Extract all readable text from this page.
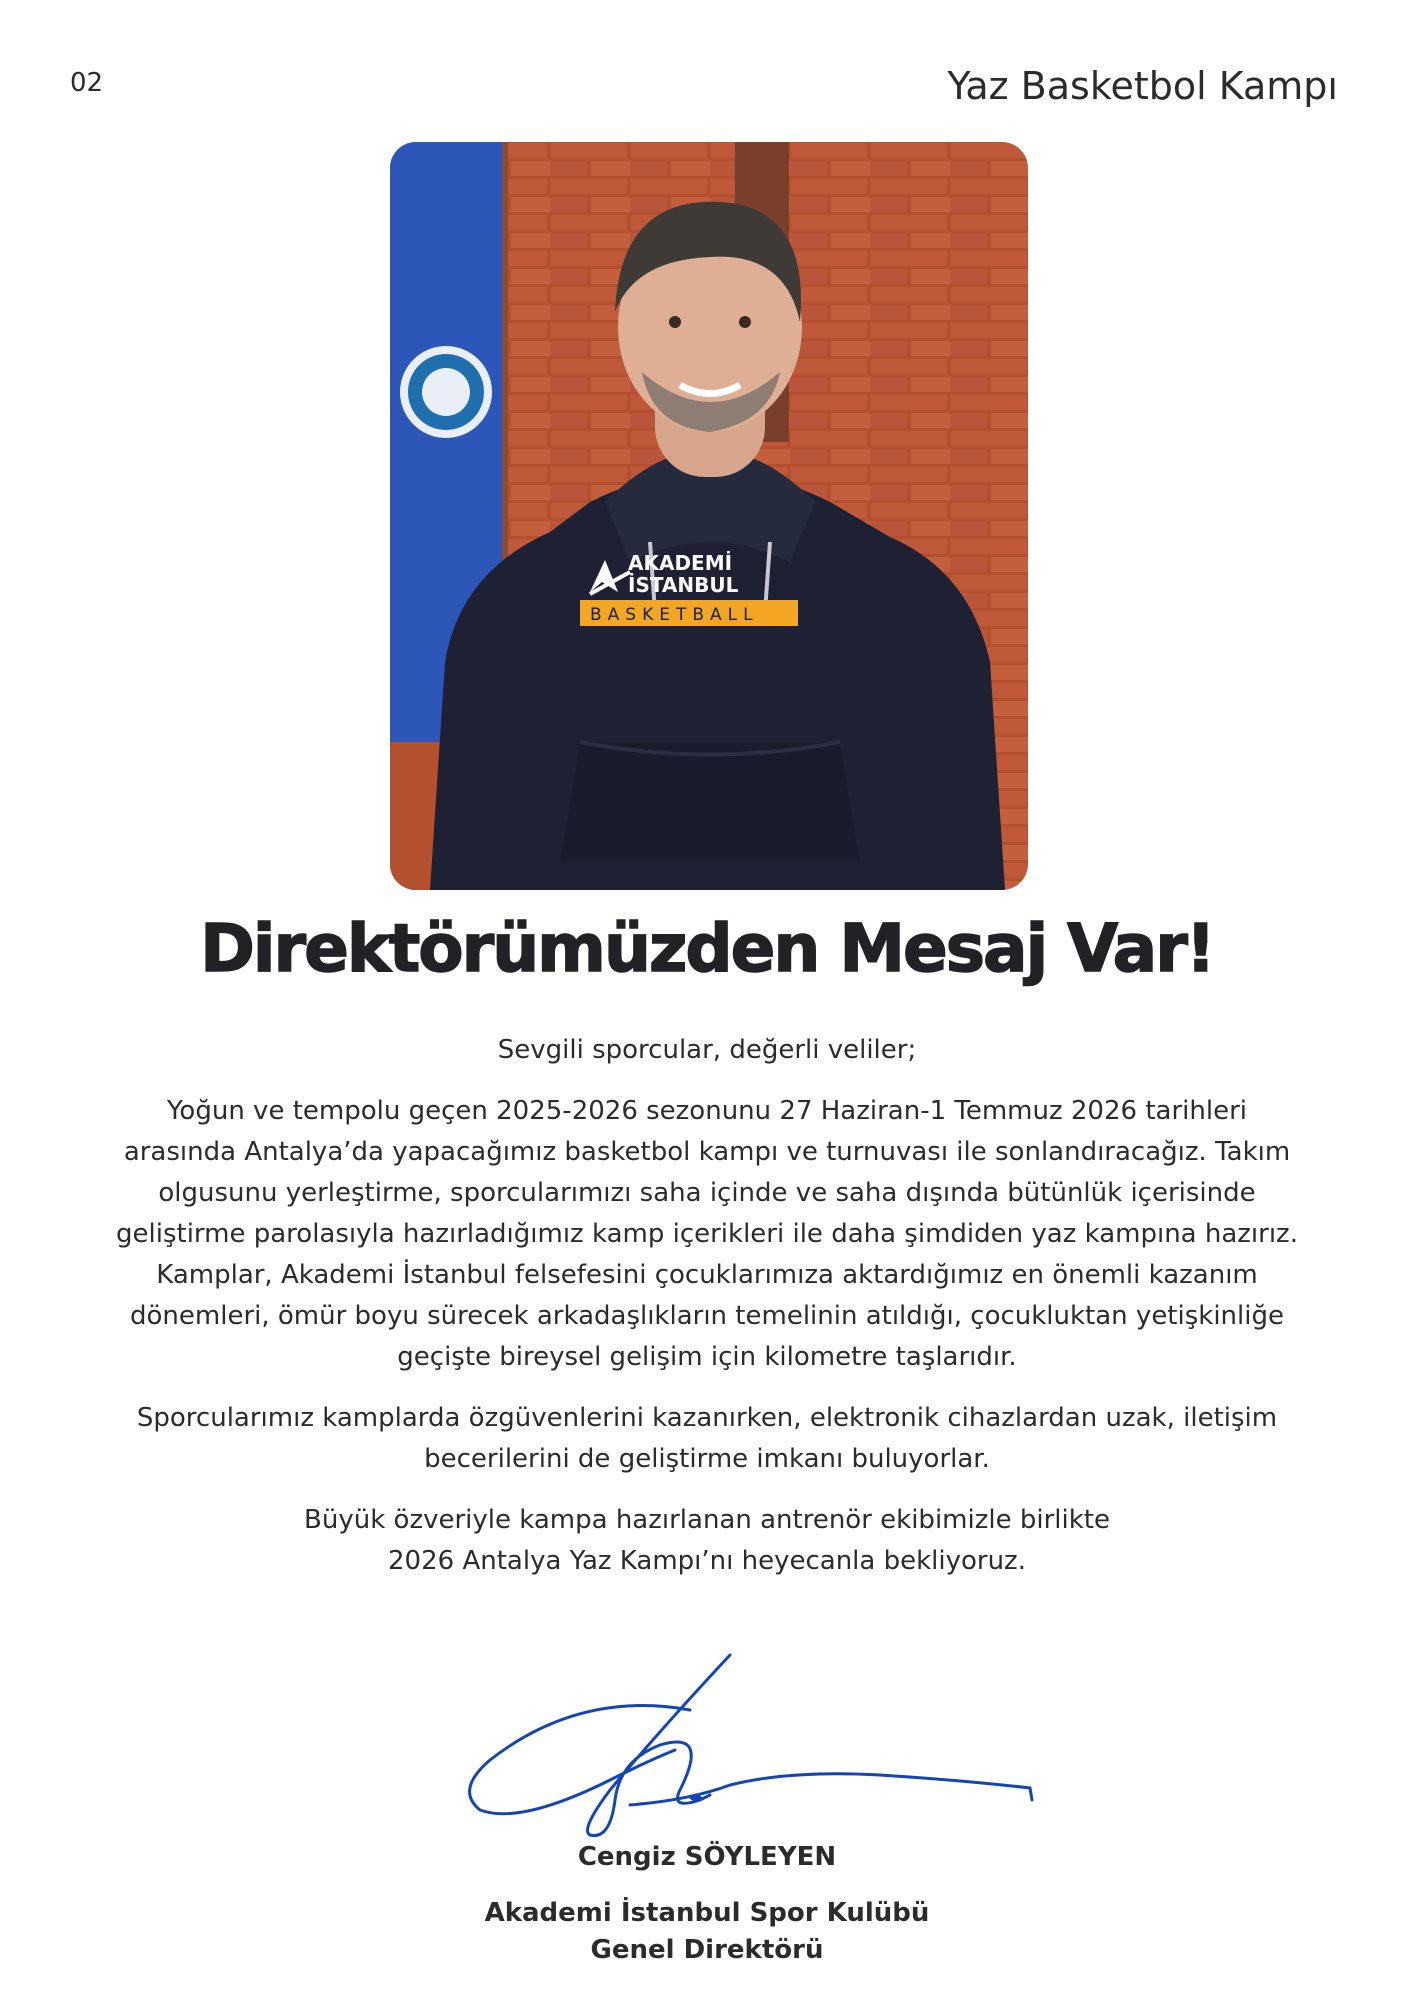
02	Yaz Basketbol Kampı
AKADEMİ
İSTANBUL
BASKETBALL
Direktörümüzden Mesaj Var!

Sevgili sporcular, değerli veliler;

Yoğun ve tempolu geçen 2025-2026 sezonunu 27 Haziran-1 Temmuz 2026 tarihleri arasında Antalya’da yapacağımız basketbol kampı ve turnuvası ile sonlandıracağız. Takım olgusunu yerleştirme, sporcularımızı saha içinde ve saha dışında bütünlük içerisinde geliştirme parolasıyla hazırladığımız kamp içerikleri ile daha şimdiden yaz kampına hazırız.

Kamplar, Akademi İstanbul felsefesini çocuklarımıza aktardığımız en önemli kazanım dönemleri, ömür boyu sürecek arkadaşlıkların temelinin atıldığı, çocukluktan yetişkinliğe geçişte bireysel gelişim için kilometre taşlarıdır.

Sporcularımız kamplarda özgüvenlerini kazanırken, elektronik cihazlardan uzak, iletişim becerilerini de geliştirme imkanı buluyorlar.

Büyük özveriyle kampa hazırlanan antrenör ekibimizle birlikte

2026 Antalya Yaz Kampı’nı heyecanla bekliyoruz.

Cengiz SÖYLEYEN
Akademi İstanbul Spor Kulübü
Genel Direktörü
